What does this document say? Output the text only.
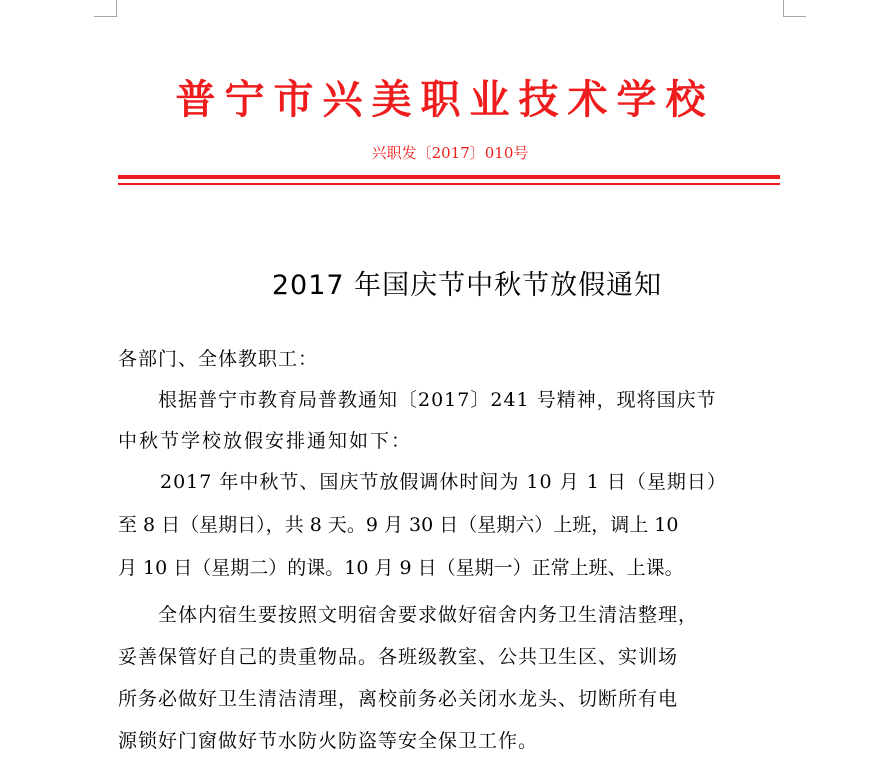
普宁市兴美职业技术学校
兴职发〔2017〕010号
2017 年国庆节中秋节放假通知
各部门、全体教职工：
根据普宁市教育局普教通知〔2017〕241 号精神，现将国庆节
中秋节学校放假安排通知如下：
2017 年中秋节、国庆节放假调休时间为 10 月 1 日（星期日）
至 8 日（星期日），共 8 天。9 月 30 日（星期六）上班，调上 10
月 10 日（星期二）的课。10 月 9 日（星期一）正常上班、上课。
全体内宿生要按照文明宿舍要求做好宿舍内务卫生清洁整理，
妥善保管好自己的贵重物品。各班级教室、公共卫生区、实训场
所务必做好卫生清洁清理，离校前务必关闭水龙头、切断所有电
源锁好门窗做好节水防火防盗等安全保卫工作。
